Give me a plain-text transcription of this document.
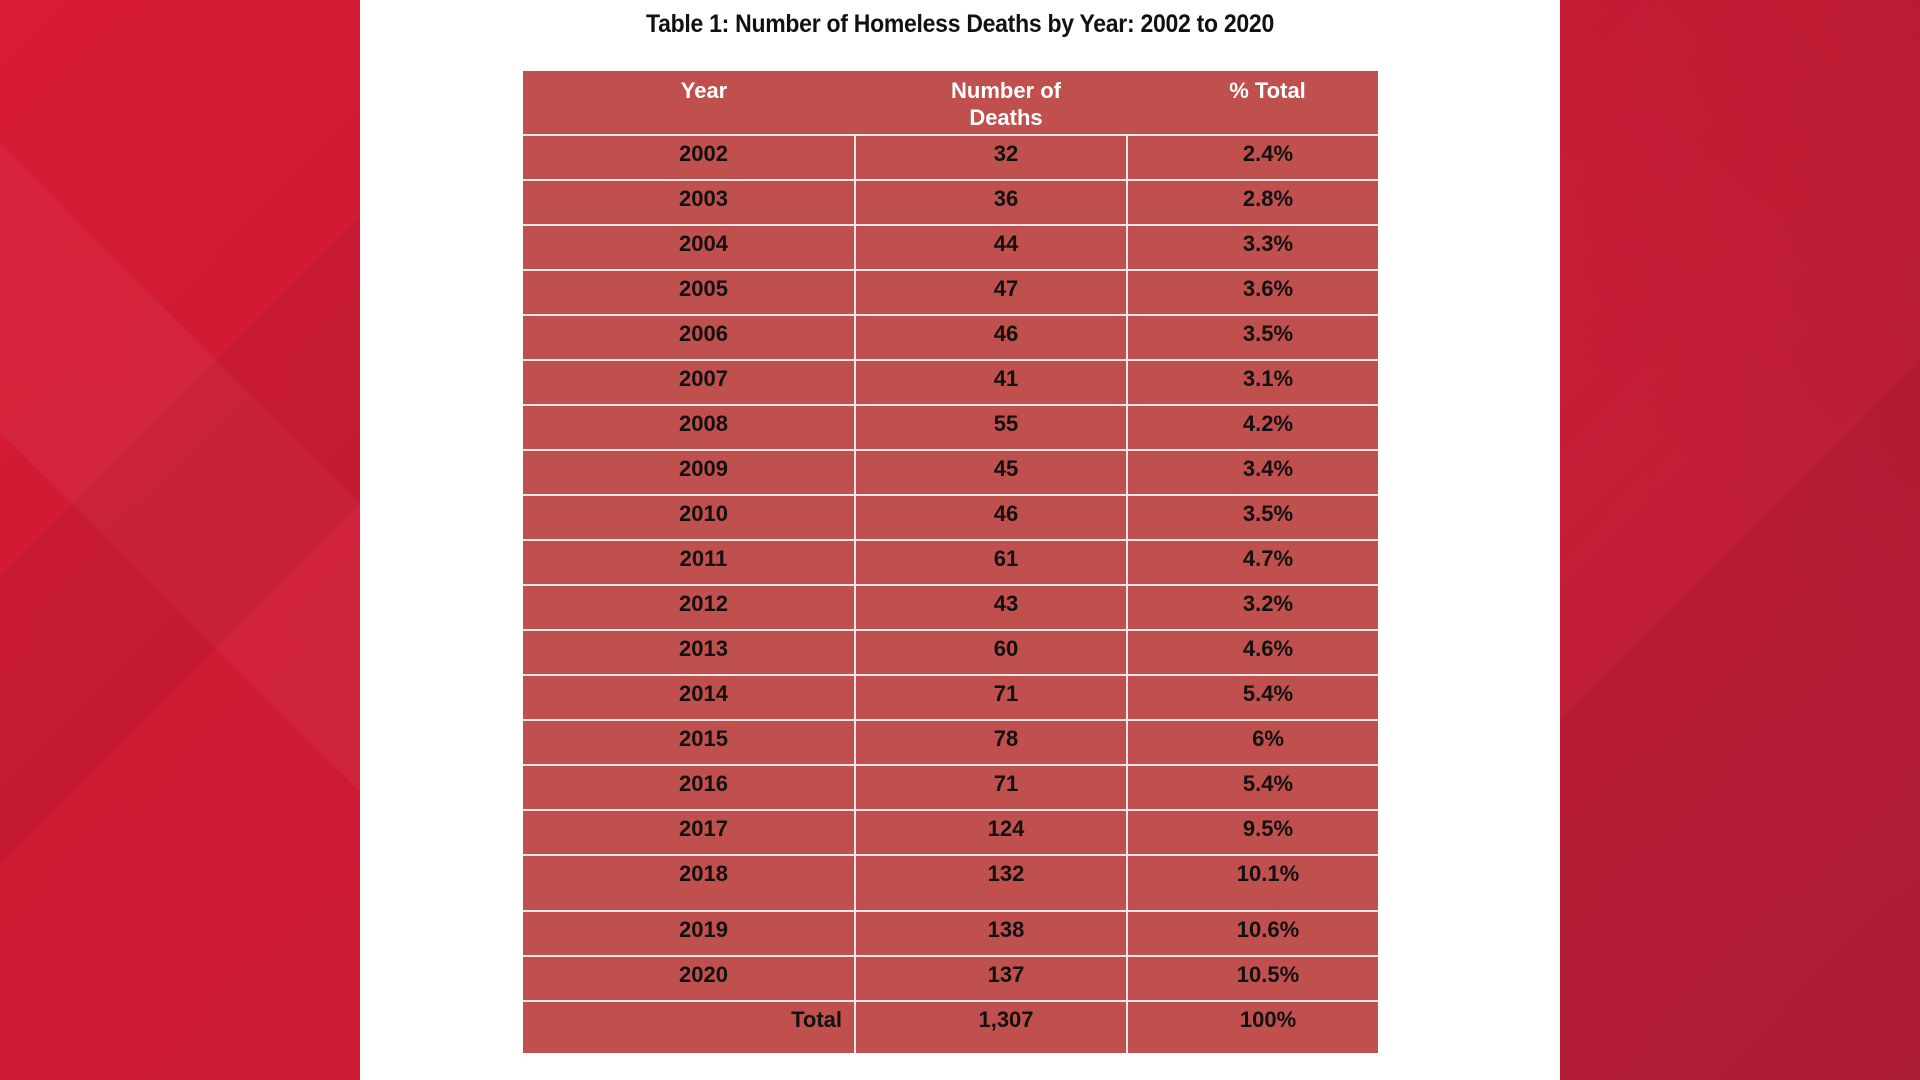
Table 1: Number of Homeless Deaths by Year: 2002 to 2020
Year	Number of Deaths	% Total
2002	32	2.4%
2003	36	2.8%
2004	44	3.3%
2005	47	3.6%
2006	46	3.5%
2007	41	3.1%
2008	55	4.2%
2009	45	3.4%
2010	46	3.5%
2011	61	4.7%
2012	43	3.2%
2013	60	4.6%
2014	71	5.4%
2015	78	6%
2016	71	5.4%
2017	124	9.5%
2018	132	10.1%
2019	138	10.6%
2020	137	10.5%
Total	1,307	100%
